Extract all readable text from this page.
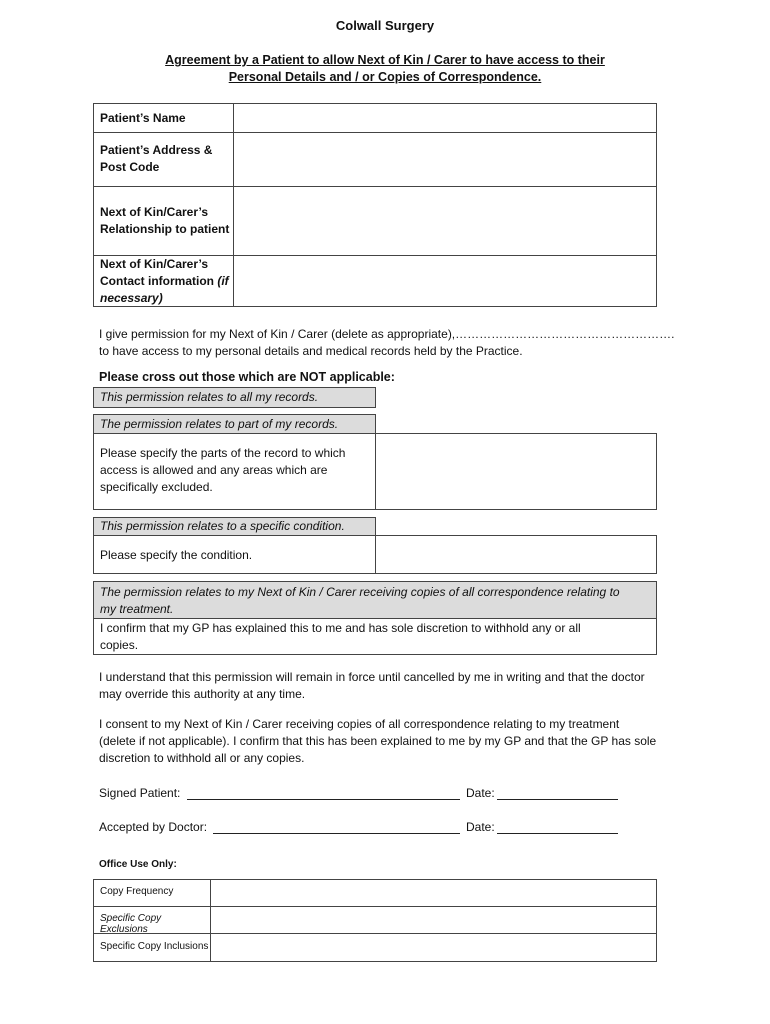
Colwall Surgery
Agreement by a Patient to allow Next of Kin / Carer to have access to their
Personal Details and / or Copies of Correspondence.
Patient’s Name
Patient’s Address &
Post Code
Next of Kin/Carer’s
Relationship to patient
Next of Kin/Carer’s
Contact information (if
necessary)
I give permission for my Next of Kin / Carer (delete as appropriate),……………………………………………….
to have access to my personal details and medical records held by the Practice.
Please cross out those which are NOT applicable:
This permission relates to all my records.
The permission relates to part of my records.
Please specify the parts of the record to which
access is allowed and any areas which are
specifically excluded.
This permission relates to a specific condition.
Please specify the condition.
The permission relates to my Next of Kin / Carer receiving copies of all correspondence relating to
my treatment.
I confirm that my GP has explained this to me and has sole discretion to withhold any or all
copies.
I understand that this permission will remain in force until cancelled by me in writing and that the doctor
may override this authority at any time.
I consent to my Next of Kin / Carer receiving copies of all correspondence relating to my treatment
(delete if not applicable). I confirm that this has been explained to me by my GP and that the GP has sole
discretion to withhold all or any copies.
Signed Patient:	Date:
Accepted by Doctor:	Date:
Office Use Only:
Copy Frequency
Specific Copy Exclusions
Specific Copy Inclusions
